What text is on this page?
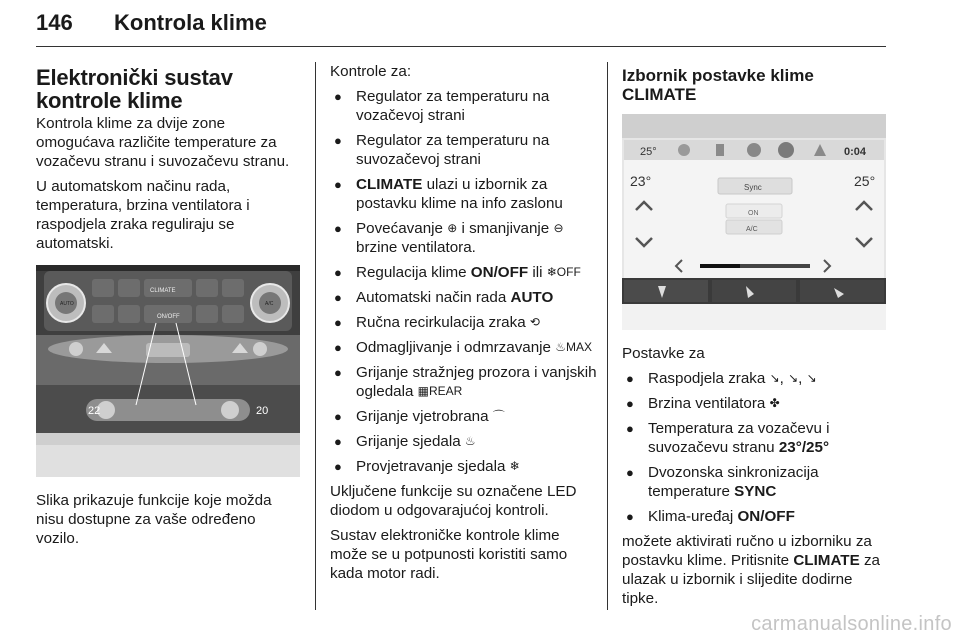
146 Kontrola klime
Elektronički sustav kontrole klime

Kontrola klime za dvije zone omogućava različite temperature za vozačevu stranu i suvozačevu stranu.

U automatskom načinu rada, temperatura, brzina ventilatora i raspodjela zraka reguliraju se automatski.

CLIMATE
ON/OFF
AUTO	A/C
22	20

Slika prikazuje funkcije koje možda nisu dostupne za vaše određeno vozilo.

Kontrole za:

● Regulator za temperaturu na vozačevoj strani
● Regulator za temperaturu na suvozačevoj strani
● CLIMATE ulazi u izbornik za postavku klime na info zaslonu
● Povećavanje ⊕ i smanjivanje ⊖ brzine ventilatora.
● Regulacija klime ON/OFF ili ❄OFF
● Automatski način rada AUTO
● Ručna recirkulacija zraka ⟲
● Odmagljivanje i odmrzavanje ♨MAX
● Grijanje stražnjeg prozora i vanjskih ogledala ▦REAR
● Grijanje vjetrobrana ⌒
● Grijanje sjedala ♨
● Provjetravanje sjedala ❄

Uključene funkcije su označene LED diodom u odgovarajućoj kontroli.

Sustav elektroničke kontrole klime može se u potpunosti koristiti samo kada motor radi.

Izbornik postavke klime CLIMATE
25°	0:04
23°	25°
Sync
ON
A/C

Postavke za

● Raspodjela zraka ↘, ↘, ↘
● Brzina ventilatora ✤
● Temperatura za vozačevu i suvozačevu stranu 23°/25°
● Dvozonska sinkronizacija temperature SYNC
● Klima-uređaj ON/OFF

možete aktivirati ručno u izborniku za postavku klime. Pritisnite CLIMATE za ulazak u izbornik i slijedite dodirne tipke.

carmanualsonline.info
